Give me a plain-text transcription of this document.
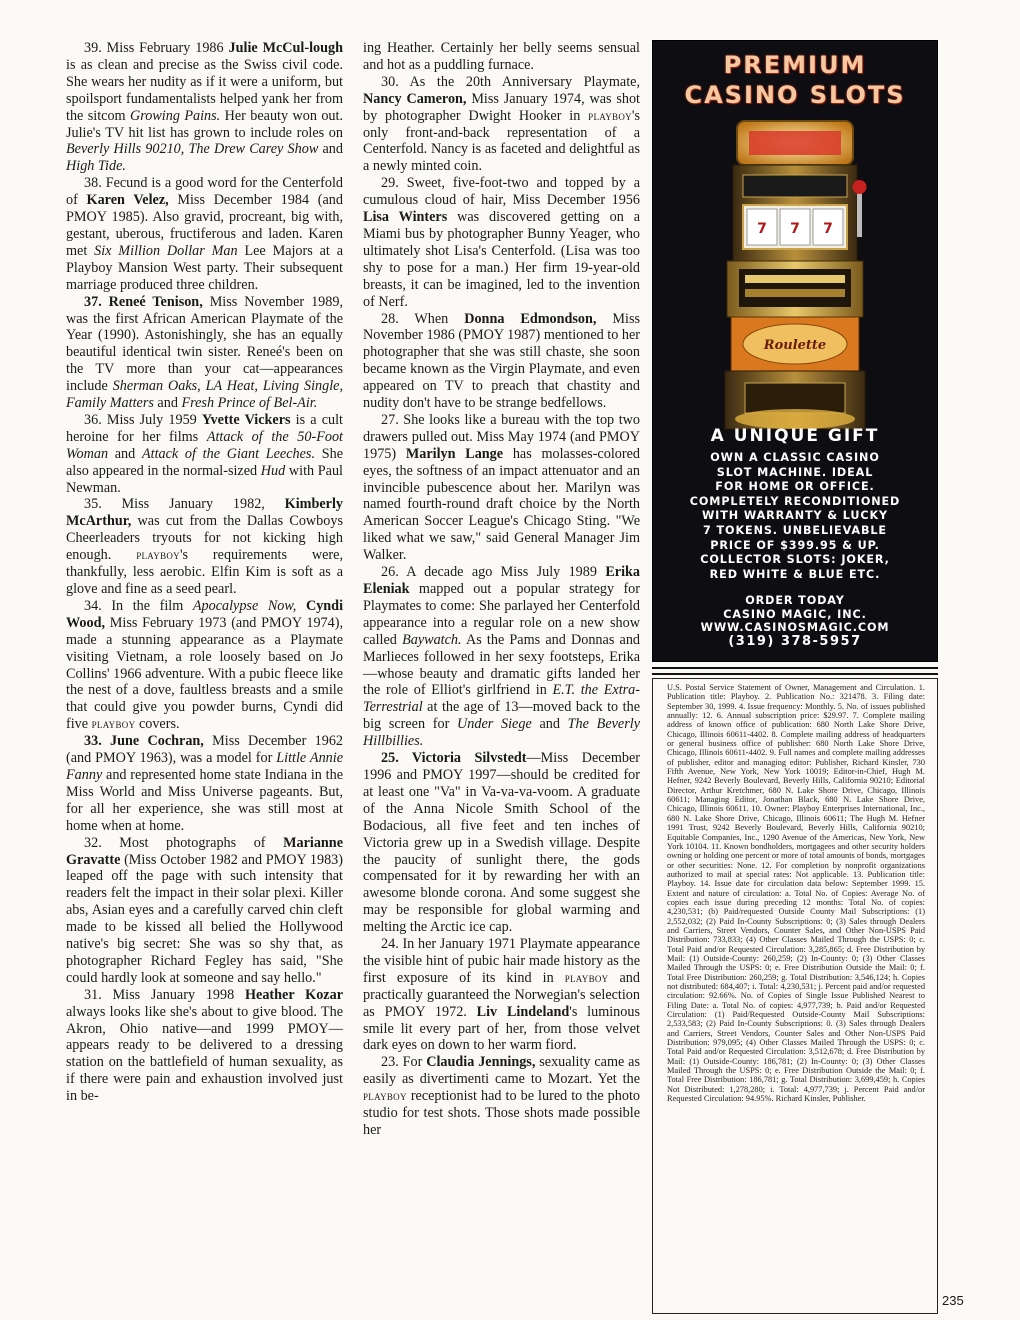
39. Miss February 1986 Julie McCul-lough is as clean and precise as the Swiss civil code. She wears her nudity as if it were a uniform, but spoilsport fundamentalists helped yank her from the sitcom Growing Pains. Her beauty won out. Julie's TV hit list has grown to include roles on Beverly Hills 90210, The Drew Carey Show and High Tide.

38. Fecund is a good word for the Centerfold of Karen Velez, Miss December 1984 (and PMOY 1985). Also gravid, procreant, big with, gestant, uberous, fructiferous and laden. Karen met Six Million Dollar Man Lee Majors at a Playboy Mansion West party. Their subsequent marriage produced three children.

37. Reneé Tenison, Miss November 1989, was the first African American Playmate of the Year (1990). Astonishingly, she has an equally beautiful identical twin sister. Reneé's been on the TV more than your cat—appearances include Sherman Oaks, LA Heat, Living Single, Family Matters and Fresh Prince of Bel-Air.

36. Miss July 1959 Yvette Vickers is a cult heroine for her films Attack of the 50-Foot Woman and Attack of the Giant Leeches. She also appeared in the normal-sized Hud with Paul Newman.

35. Miss January 1982, Kimberly McArthur, was cut from the Dallas Cowboys Cheerleaders tryouts for not kicking high enough. playboy's requirements were, thankfully, less aerobic. Elfin Kim is soft as a glove and fine as a seed pearl.

34. In the film Apocalypse Now, Cyndi Wood, Miss February 1973 (and PMOY 1974), made a stunning appearance as a Playmate visiting Vietnam, a role loosely based on Jo Collins' 1966 adventure. With a pubic fleece like the nest of a dove, faultless breasts and a smile that could give you powder burns, Cyndi did five playboy covers.

33. June Cochran, Miss December 1962 (and PMOY 1963), was a model for Little Annie Fanny and represented home state Indiana in the Miss World and Miss Universe pageants. But, for all her experience, she was still most at home when at home.

32. Most photographs of Marianne Gravatte (Miss October 1982 and PMOY 1983) leaped off the page with such intensity that readers felt the impact in their solar plexi. Killer abs, Asian eyes and a carefully carved chin cleft made to be kissed all belied the Hollywood native's big secret: She was so shy that, as photographer Richard Fegley has said, "She could hardly look at someone and say hello."

31. Miss January 1998 Heather Kozar always looks like she's about to give blood. The Akron, Ohio native—and 1999 PMOY—appears ready to be delivered to a dressing station on the battlefield of human sexuality, as if there were pain and exhaustion involved just in be-

ing Heather. Certainly her belly seems sensual and hot as a puddling furnace.

30. As the 20th Anniversary Playmate, Nancy Cameron, Miss January 1974, was shot by photographer Dwight Hooker in playboy's only front-and-back representation of a Centerfold. Nancy is as faceted and delightful as a newly minted coin.

29. Sweet, five-foot-two and topped by a cumulous cloud of hair, Miss December 1956 Lisa Winters was discovered getting on a Miami bus by photographer Bunny Yeager, who ultimately shot Lisa's Centerfold. (Lisa was too shy to pose for a man.) Her firm 19-year-old breasts, it can be imagined, led to the invention of Nerf.

28. When Donna Edmondson, Miss November 1986 (PMOY 1987) mentioned to her photographer that she was still chaste, she soon became known as the Virgin Playmate, and even appeared on TV to preach that chastity and nudity don't have to be strange bedfellows.

27. She looks like a bureau with the top two drawers pulled out. Miss May 1974 (and PMOY 1975) Marilyn Lange has molasses-colored eyes, the softness of an impact attenuator and an invincible pubescence about her. Marilyn was named fourth-round draft choice by the North American Soccer League's Chicago Sting. "We liked what we saw," said General Manager Jim Walker.

26. A decade ago Miss July 1989 Erika Eleniak mapped out a popular strategy for Playmates to come: She parlayed her Centerfold appearance into a regular role on a new show called Baywatch. As the Pams and Donnas and Marlieces followed in her sexy footsteps, Erika—whose beauty and dramatic gifts landed her the role of Elliot's girlfriend in E.T. the Extra-Terrestrial at the age of 13—moved back to the big screen for Under Siege and The Beverly Hillbillies.

25. Victoria Silvstedt—Miss December 1996 and PMOY 1997—should be credited for at least one "Va" in Va-va-va-voom. A graduate of the Anna Nicole Smith School of the Bodacious, all five feet and ten inches of Victoria grew up in a Swedish village. Despite the paucity of sunlight there, the gods compensated for it by rewarding her with an awesome blonde corona. And some suggest she may be responsible for global warming and melting the Arctic ice cap.

24. In her January 1971 Playmate appearance the visible hint of pubic hair made history as the first exposure of its kind in playboy and practically guaranteed the Norwegian's selection as PMOY 1972. Liv Lindeland's luminous smile lit every part of her, from those velvet dark eyes on down to her warm fiord.

23. For Claudia Jennings, sexuality came as easily as divertimenti came to Mozart. Yet the playboy receptionist had to be lured to the photo studio for test shots. Those shots made possible her

PREMIUM
CASINO SLOTS
7 7 7
Roulette
A UNIQUE GIFT
OWN A CLASSIC CASINO
SLOT MACHINE. IDEAL
FOR HOME OR OFFICE.
COMPLETELY RECONDITIONED
WITH WARRANTY & LUCKY
7 TOKENS. UNBELIEVABLE
PRICE OF $399.95 & UP.
COLLECTOR SLOTS: JOKER,
RED WHITE & BLUE ETC.
ORDER TODAY
CASINO MAGIC, INC.
WWW.CASINOSMAGIC.COM
(319) 378-5957
U.S. Postal Service Statement of Owner, Management and Circulation. 1. Publication title: Playboy. 2. Publication No.: 321478. 3. Filing date: September 30, 1999. 4. Issue frequency: Monthly. 5. No. of issues published annually: 12. 6. Annual subscription price: $29.97. 7. Complete mailing address of known office of publication: 680 North Lake Shore Drive, Chicago, Illinois 60611-4402. 8. Complete mailing address of headquarters or general business office of publisher: 680 North Lake Shore Drive, Chicago, Illinois 60611-4402. 9. Full names and complete mailing addresses of publisher, editor and managing editor: Publisher, Richard Kinsler, 730 Fifth Avenue, New York, New York 10019; Editor-in-Chief, Hugh M. Hefner, 9242 Beverly Boulevard, Beverly Hills, California 90210; Editorial Director, Arthur Kretchmer, 680 N. Lake Shore Drive, Chicago, Illinois 60611; Managing Editor, Jonathan Black, 680 N. Lake Shore Drive, Chicago, Illinois 60611. 10. Owner: Playboy Enterprises International, Inc., 680 N. Lake Shore Drive, Chicago, Illinois 60611; The Hugh M. Hefner 1991 Trust, 9242 Beverly Boulevard, Beverly Hills, California 90210; Equitable Companies, Inc., 1290 Avenue of the Americas, New York, New York 10104. 11. Known bondholders, mortgagees and other security holders owning or holding one percent or more of total amounts of bonds, mortgages or other securities: None. 12. For completion by nonprofit organizations authorized to mail at special rates: Not applicable. 13. Publication title: Playboy. 14. Issue date for circulation data below: September 1999. 15. Extent and nature of circulation: a. Total No. of Copies: Average No. of copies each issue during preceding 12 months: Total No. of copies: 4,230,531; (b) Paid/requested Outside County Mail Subscriptions: (1) 2,552,032; (2) Paid In-County Subscriptions: 0; (3) Sales through Dealers and Carriers, Street Vendors, Counter Sales, and Other Non-USPS Paid Distribution: 733,833; (4) Other Classes Mailed Through the USPS: 0; c. Total Paid and/or Requested Circulation: 3,285,865; d. Free Distribution by Mail: (1) Outside-County: 260,259; (2) In-County: 0; (3) Other Classes Mailed Through the USPS: 0; e. Free Distribution Outside the Mail: 0; f. Total Free Distribution: 260,259; g. Total Distribution: 3,546,124; h. Copies not distributed: 684,407; i. Total: 4,230,531; j. Percent paid and/or requested circulation: 92.66%. No. of Copies of Single Issue Published Nearest to Filing Date: a. Total No. of copies: 4,977,739; b. Paid and/or Requested Circulation: (1) Paid/Requested Outside-County Mail Subscriptions: 2,533,583; (2) Paid In-County Subscriptions: 0. (3) Sales through Dealers and Carriers, Street Vendors, Counter Sales and Other Non-USPS Paid Distribution: 979,095; (4) Other Classes Mailed Through the USPS: 0; c. Total Paid and/or Requested Circulation: 3,512,678; d. Free Distribution by Mail: (1) Outside-County: 186,781; (2) In-County: 0; (3) Other Classes Mailed Through the USPS: 0; e. Free Distribution Outside the Mail: 0; f. Total Free Distribution: 186,781; g. Total Distribution: 3,699,459; h. Copies Not Distributed: 1,278,280; i. Total: 4,977,739; j. Percent Paid and/or Requested Circulation: 94.95%. Richard Kinsler, Publisher.
235
